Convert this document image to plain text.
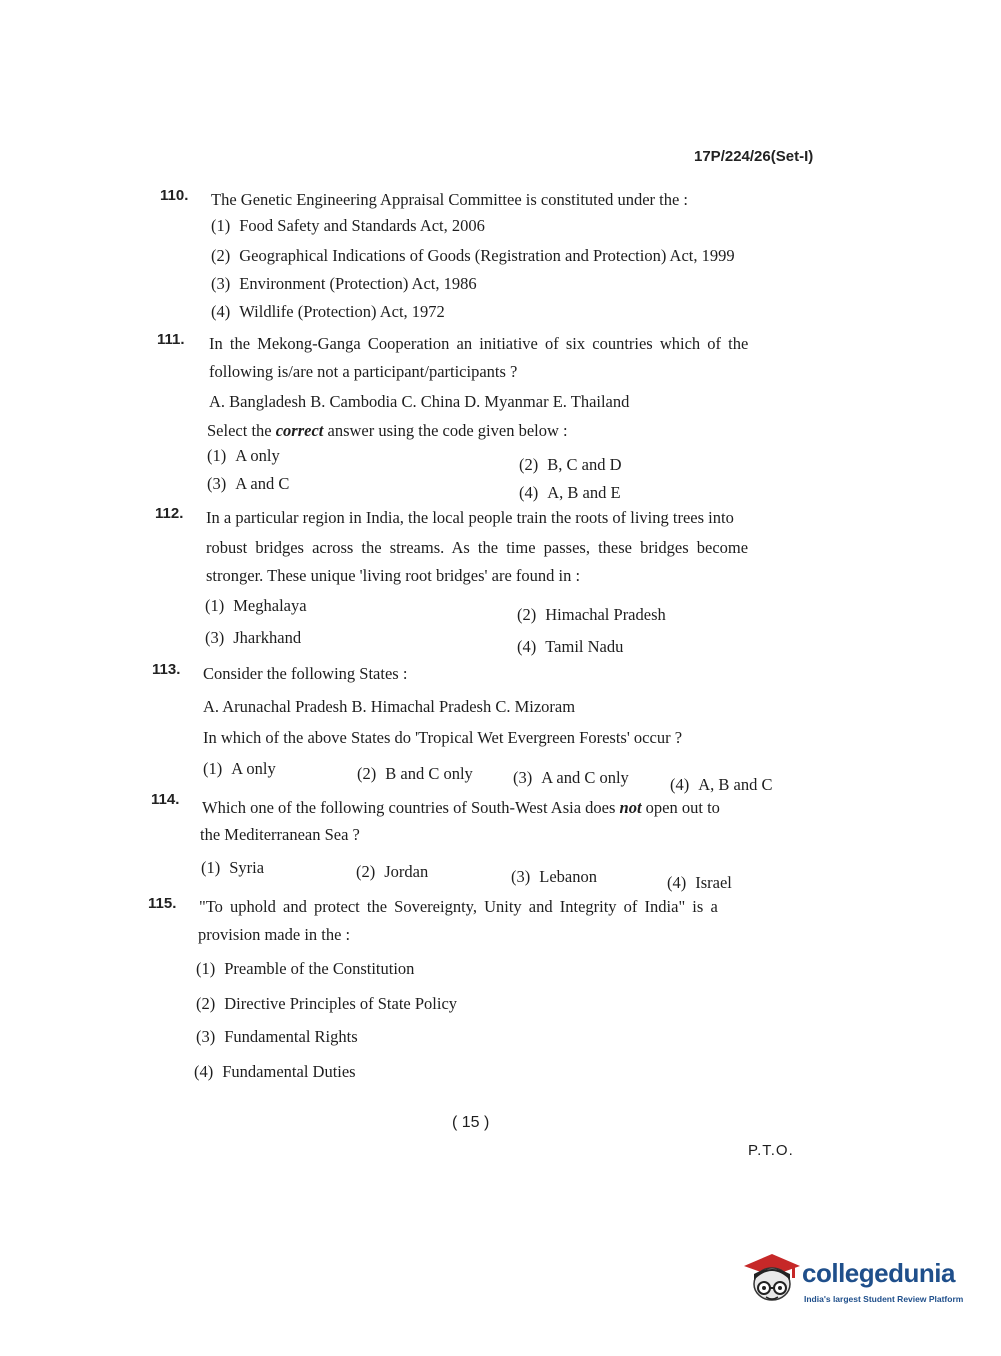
17P/224/26(Set-I)
110. The Genetic Engineering Appraisal Committee is constituted under the :
(1) Food Safety and Standards Act, 2006
(2) Geographical Indications of Goods (Registration and Protection) Act, 1999
(3) Environment (Protection) Act, 1986
(4) Wildlife (Protection) Act, 1972
111. In the Mekong-Ganga Cooperation an initiative of six countries which of the
following is/are not a participant/participants ?
A. Bangladesh B. Cambodia C. China D. Myanmar E. Thailand
Select the correct answer using the code given below :
(1) A only	(2) B, C and D
(3) A and C	(4) A, B and E
112. In a particular region in India, the local people train the roots of living trees into
robust bridges across the streams. As the time passes, these bridges become
stronger. These unique 'living root bridges' are found in :
(1) Meghalaya	(2) Himachal Pradesh
(3) Jharkhand	(4) Tamil Nadu
113. Consider the following States :
A. Arunachal Pradesh B. Himachal Pradesh C. Mizoram
In which of the above States do 'Tropical Wet Evergreen Forests' occur ?
(1) A only	(2) B and C only (3) A and C only (4) A, B and C
114. Which one of the following countries of South-West Asia does not open out to
the Mediterranean Sea ?
(1) Syria	(2) Jordan	(3) Lebanon	(4) Israel
115. "To uphold and protect the Sovereignty, Unity and Integrity of India" is a
provision made in the :
(1) Preamble of the Constitution
(2) Directive Principles of State Policy
(3) Fundamental Rights
(4) Fundamental Duties
( 15 )
P.T.O.
collegedunia
India's largest Student Review Platform
